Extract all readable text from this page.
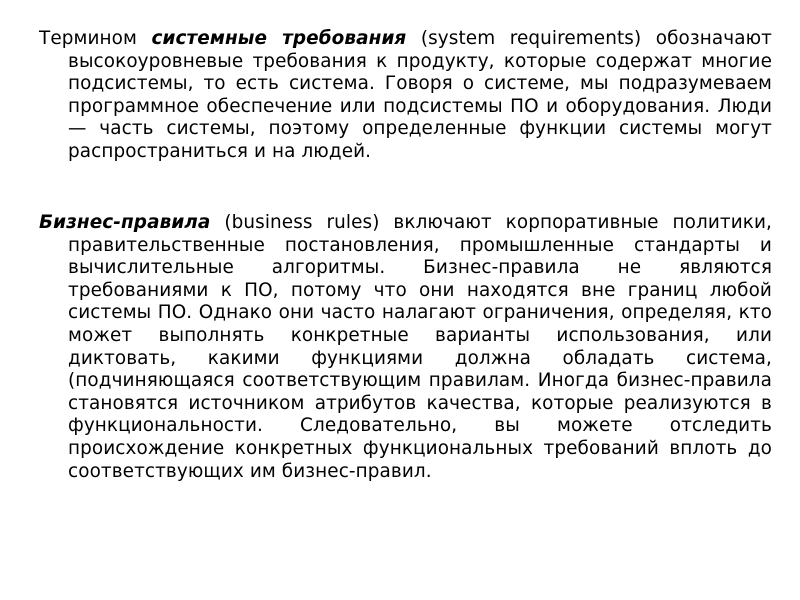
Термином системные требования (system requirements) обозначают высокоуровневые требования к продукту, которые содержат многие подсистемы, то есть система. Говоря о системе, мы подразумеваем программное обеспечение или подсистемы ПО и оборудования. Люди — часть системы, поэтому определенные функции системы могут распространиться и на людей.

Бизнес-правила (business rules) включают корпоративные политики, правительственные постановления, промышленные стандарты и вычислительные алгоритмы. Бизнес-правила не являются требованиями к ПО, потому что они находятся вне границ любой системы ПО. Однако они часто налагают ограничения, определяя, кто может выполнять конкретные варианты использования, или диктовать, какими функциями должна обладать система, (подчиняющаяся соответствующим правилам. Иногда бизнес-правила становятся источником атрибутов качества, которые реализуются в функциональности. Следовательно, вы можете отследить происхождение конкретных функциональных требований вплоть до соответствующих им бизнес-правил.
